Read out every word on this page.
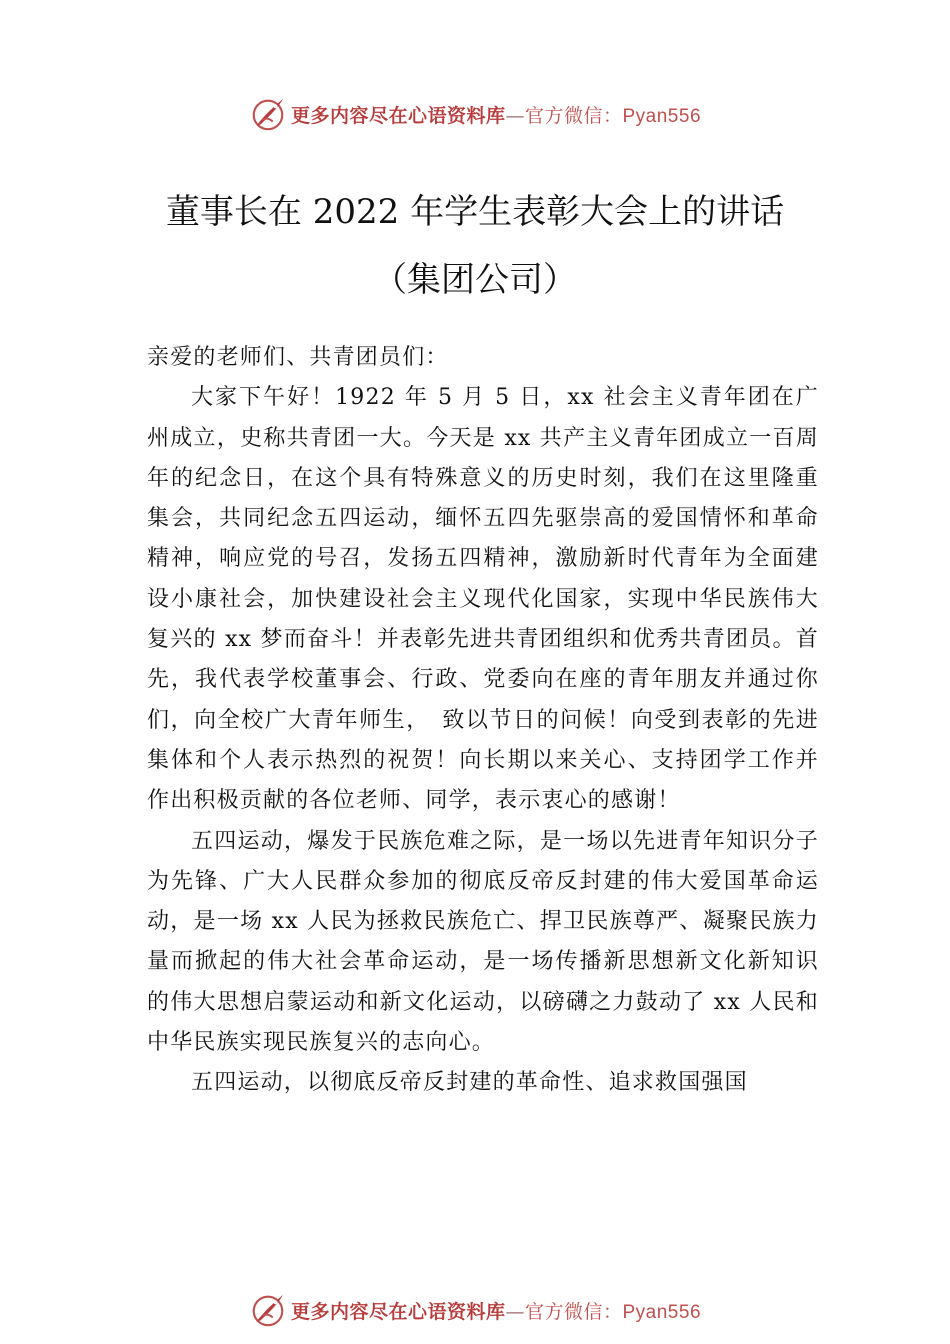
更多内容尽在心语资料库—官方微信：Pyan556
董事长在 2022 年学生表彰大会上的讲话
（集团公司）

亲爱的老师们、共青团员们：

大家下午好！1922 年 5 月 5 日，xx 社会主义青年团在广州成立，史称共青团一大。今天是 xx 共产主义青年团成立一百周年的纪念日，在这个具有特殊意义的历史时刻，我们在这里隆重集会，共同纪念五四运动，缅怀五四先驱崇高的爱国情怀和革命精神，响应党的号召，发扬五四精神，激励新时代青年为全面建设小康社会，加快建设社会主义现代化国家，实现中华民族伟大复兴的 xx 梦而奋斗！并表彰先进共青团组织和优秀共青团员。首先，我代表学校董事会、行政、党委向在座的青年朋友并通过你们，向全校广大青年师生，　致以节日的问候！向受到表彰的先进集体和个人表示热烈的祝贺！向长期以来关心、支持团学工作并作出积极贡献的各位老师、同学，表示衷心的感谢！

五四运动，爆发于民族危难之际，是一场以先进青年知识分子为先锋、广大人民群众参加的彻底反帝反封建的伟大爱国革命运动，是一场 xx 人民为拯救民族危亡、捍卫民族尊严、凝聚民族力量而掀起的伟大社会革命运动，是一场传播新思想新文化新知识的伟大思想启蒙运动和新文化运动，以磅礴之力鼓动了 xx 人民和中华民族实现民族复兴的志向心。

五四运动，以彻底反帝反封建的革命性、追求救国强国

更多内容尽在心语资料库—官方微信：Pyan556
